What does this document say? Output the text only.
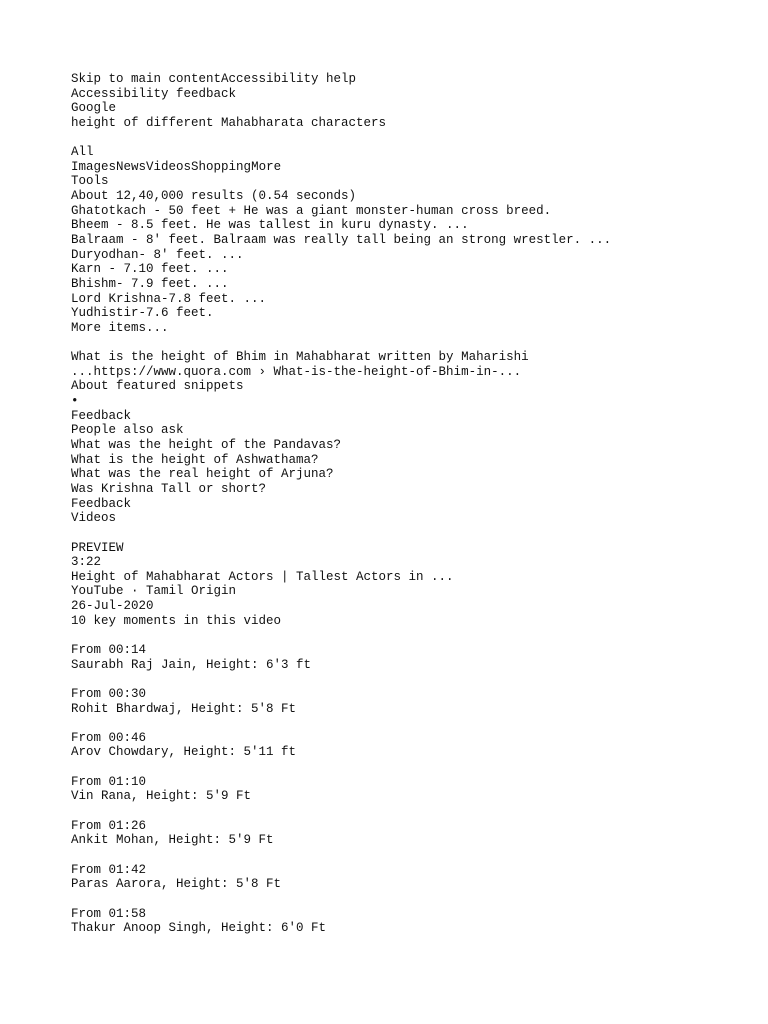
Skip to main contentAccessibility help
Accessibility feedback
Google
height of different Mahabharata characters
All
ImagesNewsVideosShoppingMore
Tools
About 12,40,000 results (0.54 seconds)
Ghatotkach - 50 feet + He was a giant monster-human cross breed.
Bheem - 8.5 feet. He was tallest in kuru dynasty. ...
Balraam - 8' feet. Balraam was really tall being an strong wrestler. ...
Duryodhan- 8' feet. ...
Karn - 7.10 feet. ...
Bhishm- 7.9 feet. ...
Lord Krishna-7.8 feet. ...
Yudhistir-7.6 feet.
More items...
What is the height of Bhim in Mahabharat written by Maharishi
...https://www.quora.com › What-is-the-height-of-Bhim-in-...
About featured snippets
•
Feedback
People also ask
What was the height of the Pandavas?
What is the height of Ashwathama?
What was the real height of Arjuna?
Was Krishna Tall or short?
Feedback
Videos
PREVIEW
3:22
Height of Mahabharat Actors | Tallest Actors in ...
YouTube · Tamil Origin
26-Jul-2020
10 key moments in this video
From 00:14
Saurabh Raj Jain, Height: 6'3 ft
From 00:30
Rohit Bhardwaj, Height: 5'8 Ft
From 00:46
Arov Chowdary, Height: 5'11 ft
From 01:10
Vin Rana, Height: 5'9 Ft
From 01:26
Ankit Mohan, Height: 5'9 Ft
From 01:42
Paras Aarora, Height: 5'8 Ft
From 01:58
Thakur Anoop Singh, Height: 6'0 Ft
